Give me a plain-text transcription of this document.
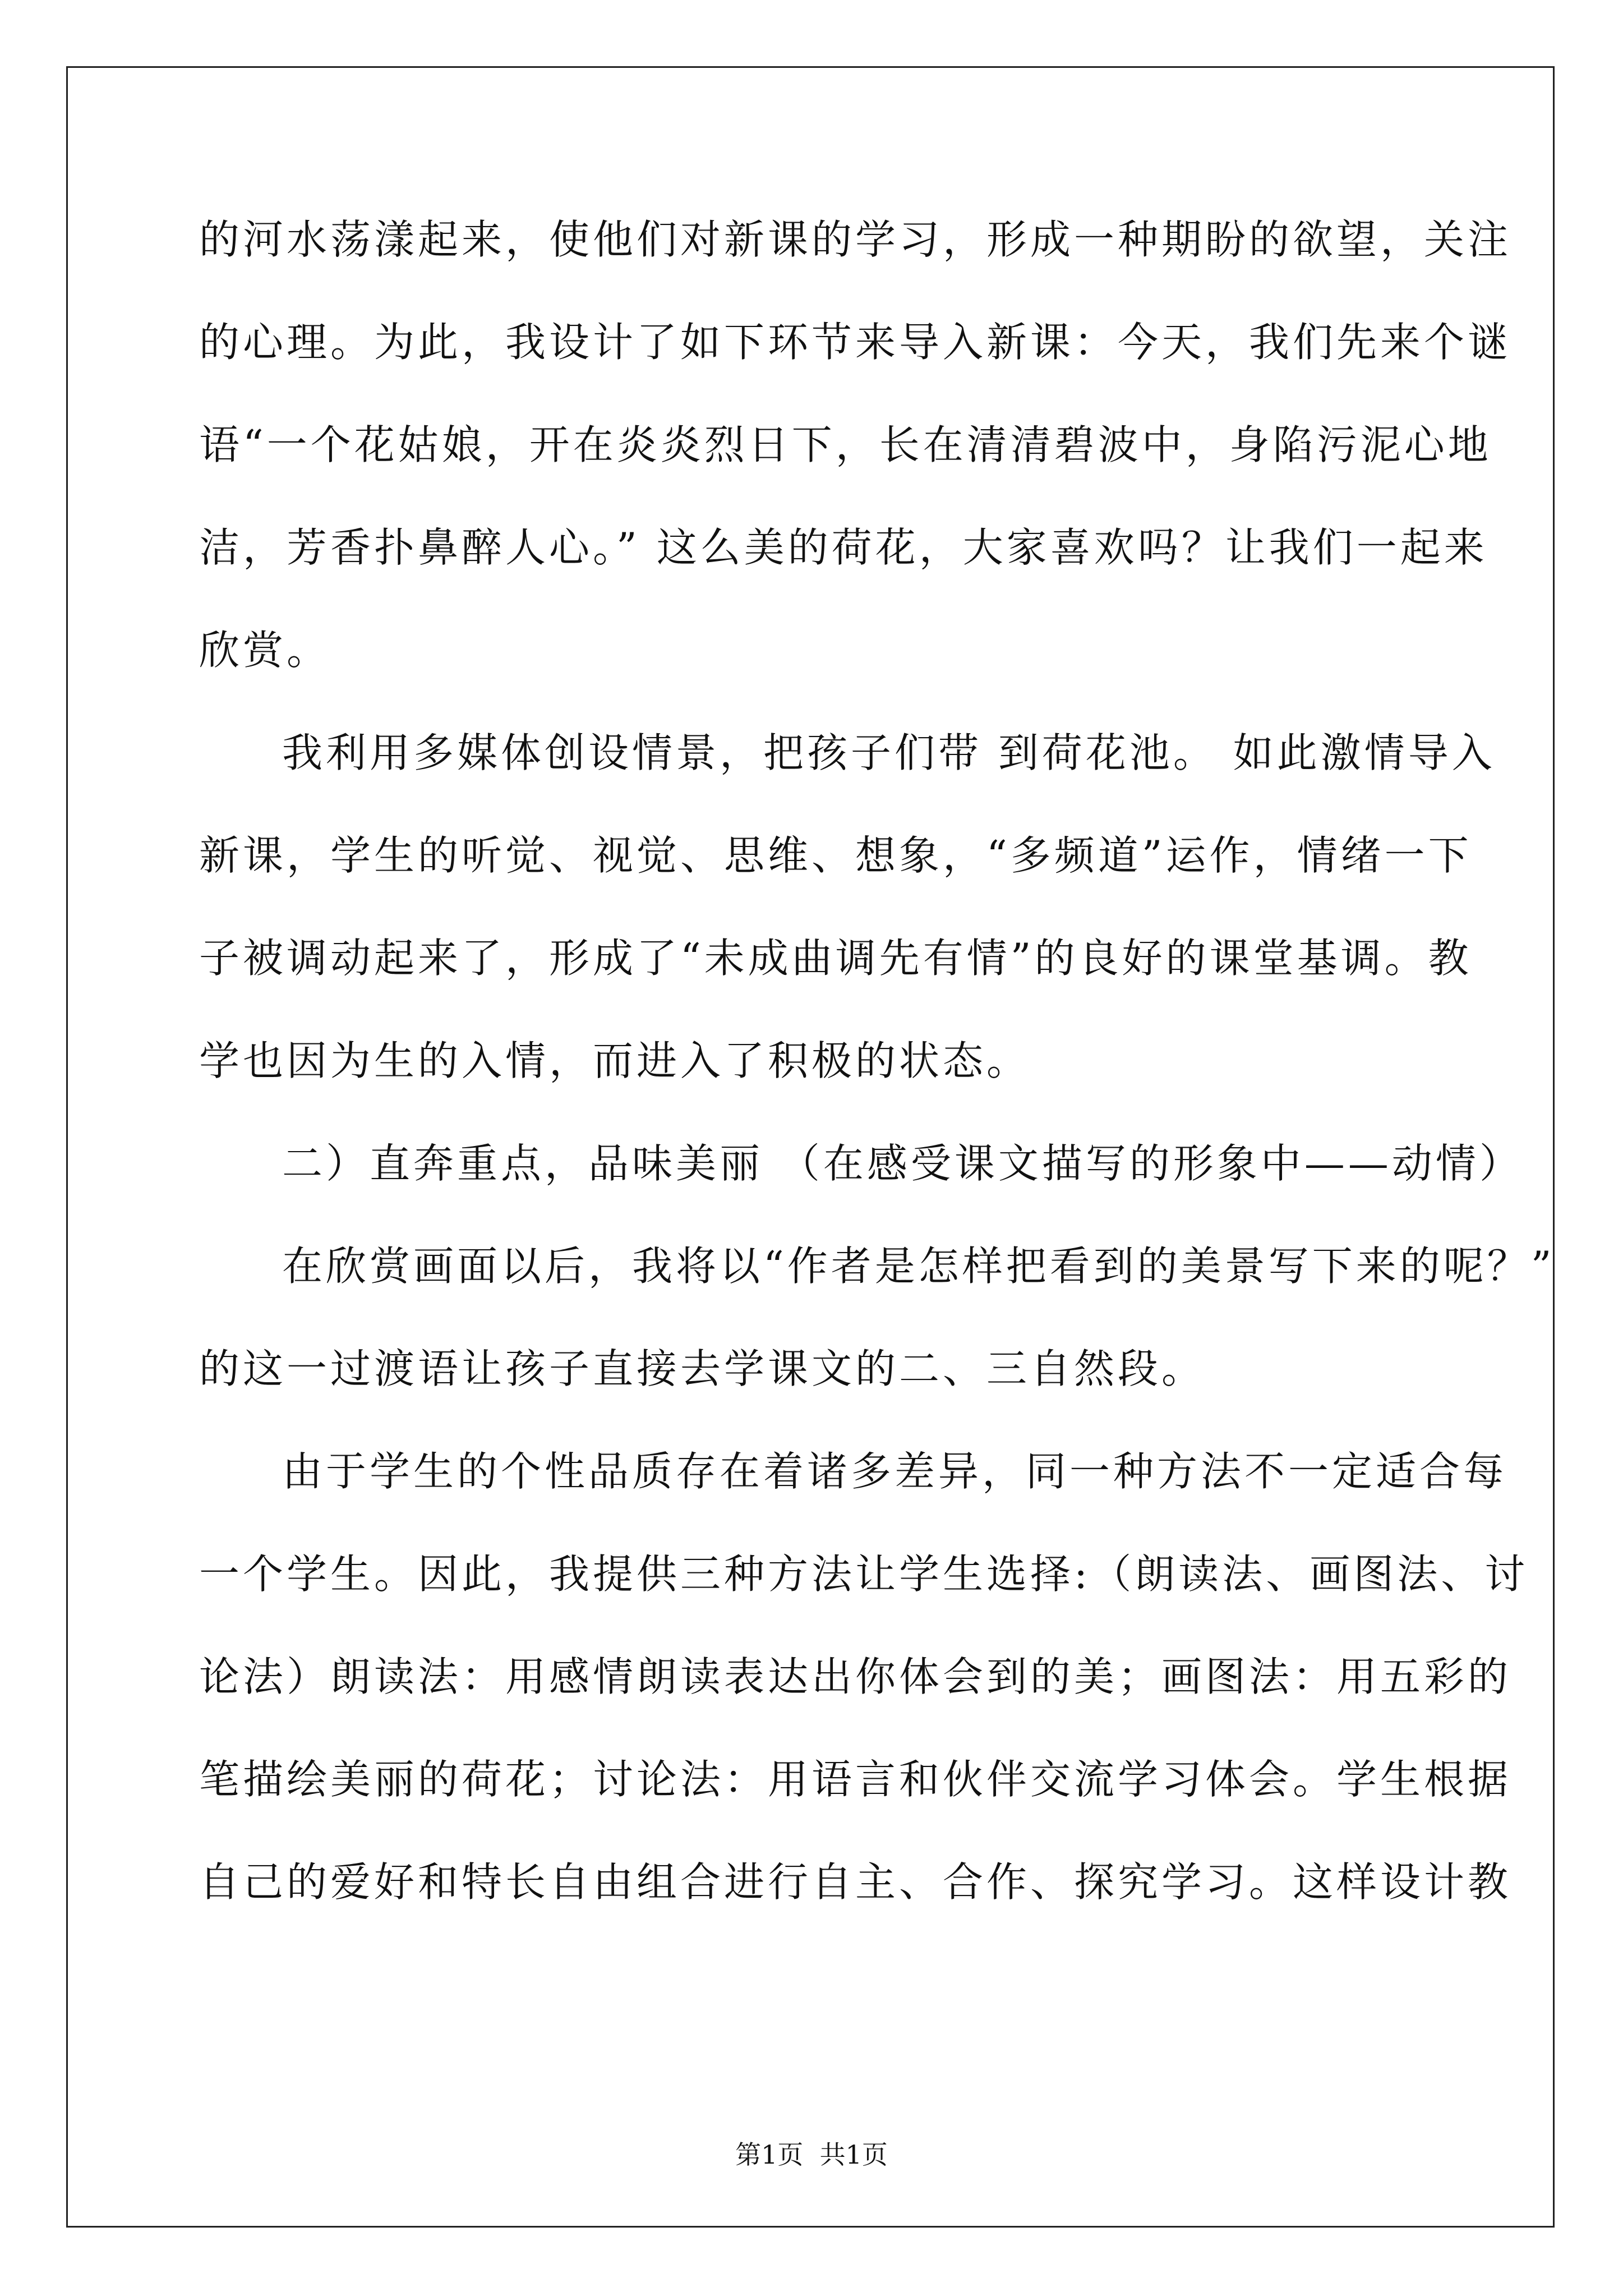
的河水荡漾起来，使他们对新课的学习，形成一种期盼的欲望，关注
的心理。为此，我设计了如下环节来导入新课：今天，我们先来个谜
语“一个花姑娘，开在炎炎烈日下，长在清清碧波中，身陷污泥心地
洁，芳香扑鼻醉人心。” 这么美的荷花，大家喜欢吗？让我们一起来
欣赏。
我利用多媒体创设情景，把孩子们带 到荷花池。 如此激情导入
新课，学生的听觉、视觉、思维、想象，“多频道”运作，情绪一下
子被调动起来了，形成了“未成曲调先有情”的良好的课堂基调。教
学也因为生的入情，而进入了积极的状态。
二）直奔重点，品味美丽 （在感受课文描写的形象中——动情）
在欣赏画面以后，我将以“作者是怎样把看到的美景写下来的呢？”
的这一过渡语让孩子直接去学课文的二、三自然段。
由于学生的个性品质存在着诸多差异，同一种方法不一定适合每
一个学生。因此，我提供三种方法让学生选择:（朗读法、画图法、讨
论法）朗读法：用感情朗读表达出你体会到的美；画图法：用五彩的
笔描绘美丽的荷花；讨论法：用语言和伙伴交流学习体会。学生根据
自己的爱好和特长自由组合进行自主、合作、探究学习。这样设计教
第1页  共1页
